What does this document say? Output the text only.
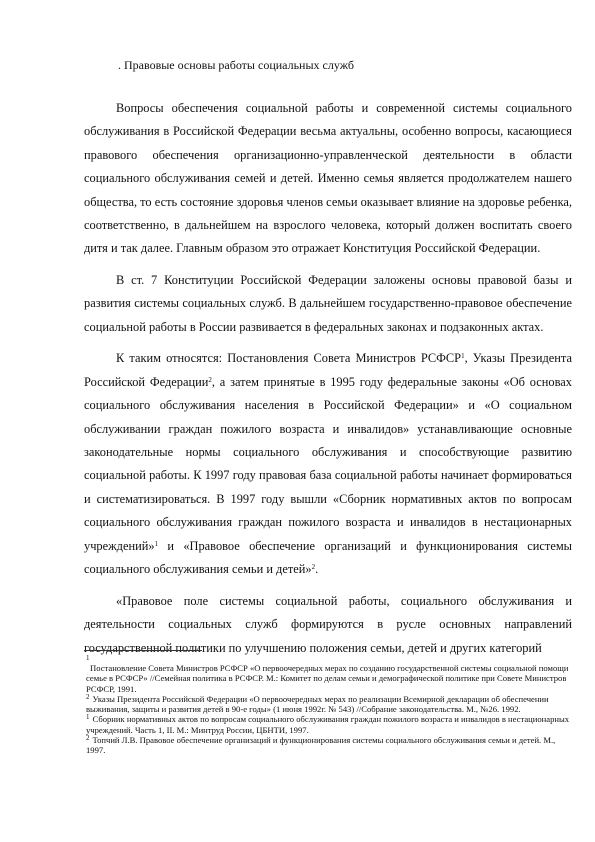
. Правовые основы работы социальных служб

Вопросы обеспечения социальной работы и современной системы социального обслуживания в Российской Федерации весьма актуальны, особенно вопросы, касающиеся правового обеспечения организационно-управленческой деятельности в области социального обслуживания семей и детей. Именно семья является продолжателем нашего общества, то есть состояние здоровья членов семьи оказывает влияние на здоровье ребенка, соответственно, в дальнейшем на взрослого человека, который должен воспитать своего дитя и так далее. Главным образом это отражает Конституция Российской Федерации.

В ст. 7 Конституции Российской Федерации заложены основы правовой базы и развития системы социальных служб. В дальнейшем государственно-правовое обеспечение социальной работы в России развивается в федеральных законах и подзаконных актах.

К таким относятся: Постановления Совета Министров РСФСР$^1$, Указы Президента Российской Федерации$^2$, а затем принятые в 1995 году федеральные законы «Об основах социального обслуживания населения в Российской Федерации» и «О социальном обслуживании граждан пожилого возраста и инвалидов» устанавливающие основные законодательные нормы социального обслуживания и способствующие развитию социальной работы. К 1997 году правовая база социальной работы начинает формироваться и систематизироваться. В 1997 году вышли «Сборник нормативных актов по вопросам социального обслуживания граждан пожилого возраста и инвалидов в нестационарных учреждений»$^1$ и «Правовое обеспечение организаций и функционирования системы социального обслуживания семьи и детей»$^2$.

«Правовое поле системы социальной работы, социального обслуживания и деятельности социальных служб формируются в русле основных направлений государственной политики по улучшению положения семьи, детей и других категорий

1

Постановление Совета Министров РСФСР «О первоочередных мерах по созданию государственной системы социальной помощи семье в РСФСР» //Семейная политика в РСФСР. М.: Комитет по делам семьи и демографической политике при Совете Министров РСФСР, 1991.

$^2$ Указы Президента Российской Федерации «О первоочередных мерах по реализации Всемирной декларации об обеспечении выживания, защиты и развития детей в 90-е годы» (1 июня 1992г. № 543) //Собрание законодательства. М., №26. 1992.

$^1$ Сборник нормативных актов по вопросам социального обслуживания граждан пожилого возраста и инвалидов в нестационарных учреждений. Часть 1, II. М.: Минтруд России, ЦБНТИ, 1997.

$^2$ Топчий Л.В. Правовое обеспечение организаций и функционирования системы социального обслуживания семьи и детей. М., 1997.
